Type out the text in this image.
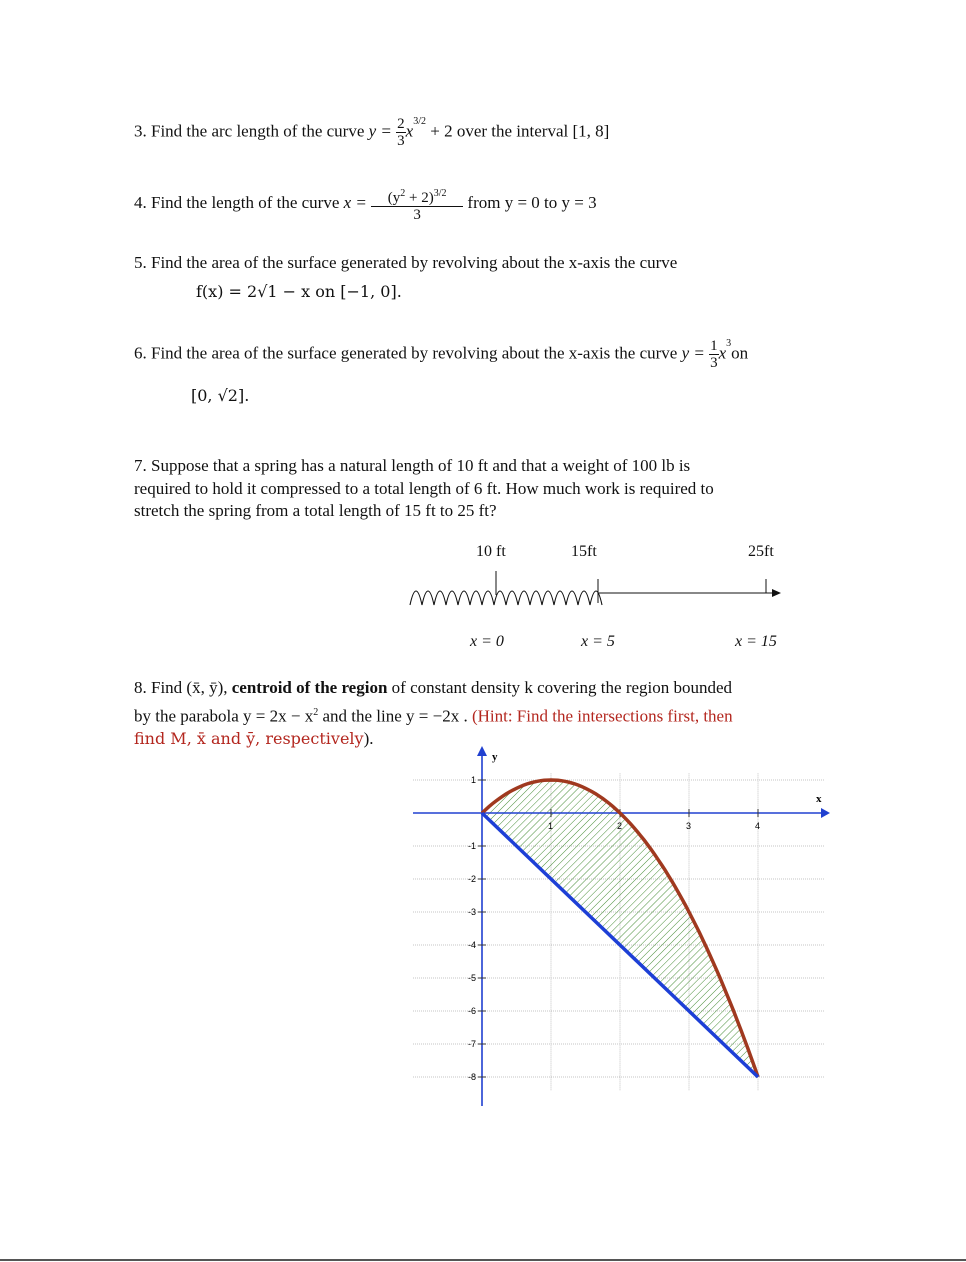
3. Find the arc length of the curve $y = \frac{2}{3} x^{3/2} + 2$ over the interval [1, 8]
4. Find the length of the curve $x = \frac{(y^2 + 2)^{3/2}}{3}$ from y = 0 to y = 3
5. Find the area of the surface generated by revolving about the x-axis the curve
f(x) = 2√1 − x on [−1, 0].
6. Find the area of the surface generated by revolving about the x-axis the curve $y = \frac{1}{3} x^3on$
[0, √2].
7. Suppose that a spring has a natural length of 10 ft and that a weight of 100 lb is
required to hold it compressed to a total length of 6 ft. How much work is required to
stretch the spring from a total length of 15 ft to 25 ft?
10 ft	15ft	25ft
x = 0	x = 5	x = 15
8. Find (x̄, ȳ), centroid of the region of constant density k covering the region bounded
by the parabola $y = 2x - x^2$ and the line y = −2x . (Hint: Find the intersections first, then
find M, x̄ and ȳ, respectively).
1	2	3	4
1
-1
-2
-3
-4
-5
-6
-7
-8
y
x
